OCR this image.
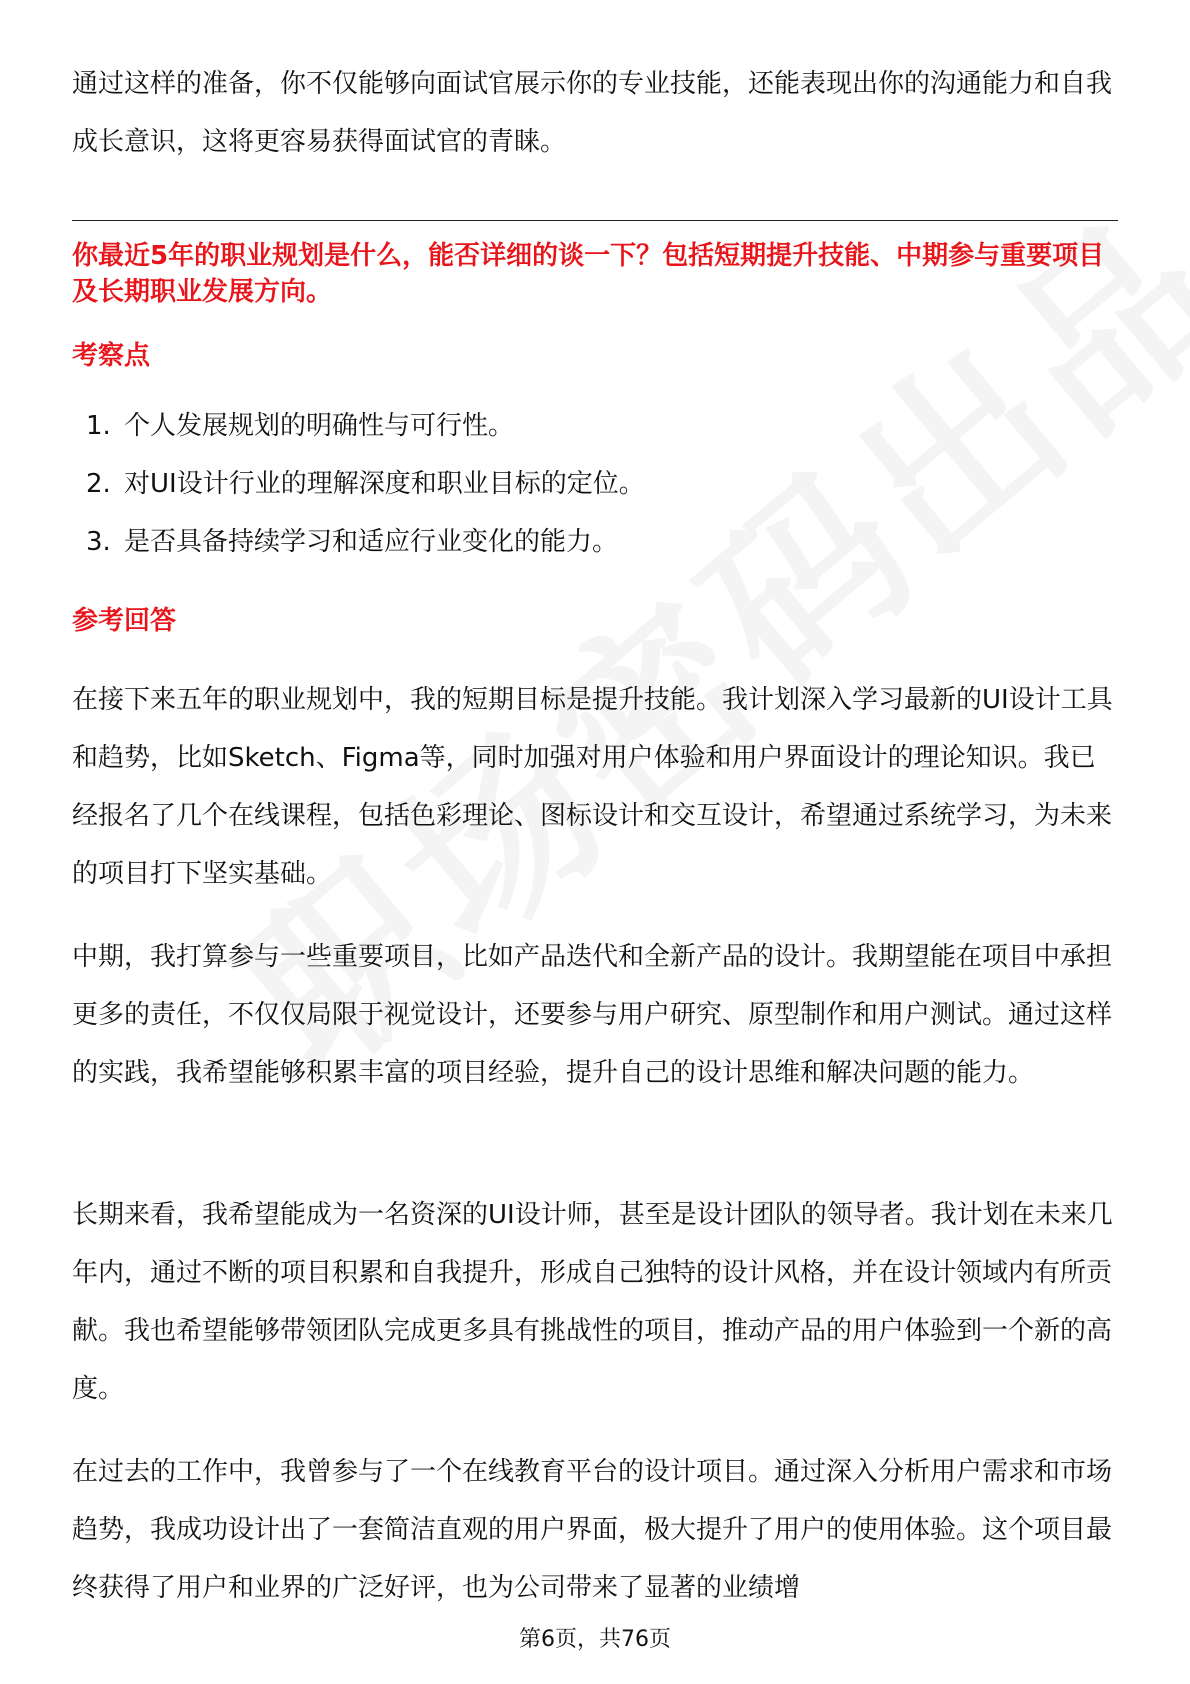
通过这样的准备，你不仅能够向面试官展示你的专业技能，还能表现出你的沟通能力和自我成长意识，这将更容易获得面试官的青睐。

你最近5年的职业规划是什么，能否详细的谈一下？包括短期提升技能、中期参与重要项目及长期职业发展方向。

考察点
1. 个人发展规划的明确性与可行性。
2. 对UI设计行业的理解深度和职业目标的定位。
3. 是否具备持续学习和适应行业变化的能力。
参考回答

在接下来五年的职业规划中，我的短期目标是提升技能。我计划深入学习最新的UI设计工具和趋势，比如Sketch、Figma等，同时加强对用户体验和用户界面设计的理论知识。我已经报名了几个在线课程，包括色彩理论、图标设计和交互设计，希望通过系统学习，为未来的项目打下坚实基础。

中期，我打算参与一些重要项目，比如产品迭代和全新产品的设计。我期望能在项目中承担更多的责任，不仅仅局限于视觉设计，还要参与用户研究、原型制作和用户测试。通过这样的实践，我希望能够积累丰富的项目经验，提升自己的设计思维和解决问题的能力。

长期来看，我希望能成为一名资深的UI设计师，甚至是设计团队的领导者。我计划在未来几年内，通过不断的项目积累和自我提升，形成自己独特的设计风格，并在设计领域内有所贡献。我也希望能够带领团队完成更多具有挑战性的项目，推动产品的用户体验到一个新的高度。

在过去的工作中，我曾参与了一个在线教育平台的设计项目。通过深入分析用户需求和市场趋势，我成功设计出了一套简洁直观的用户界面，极大提升了用户的使用体验。这个项目最终获得了用户和业界的广泛好评，也为公司带来了显著的业绩增

第6页，共76页
